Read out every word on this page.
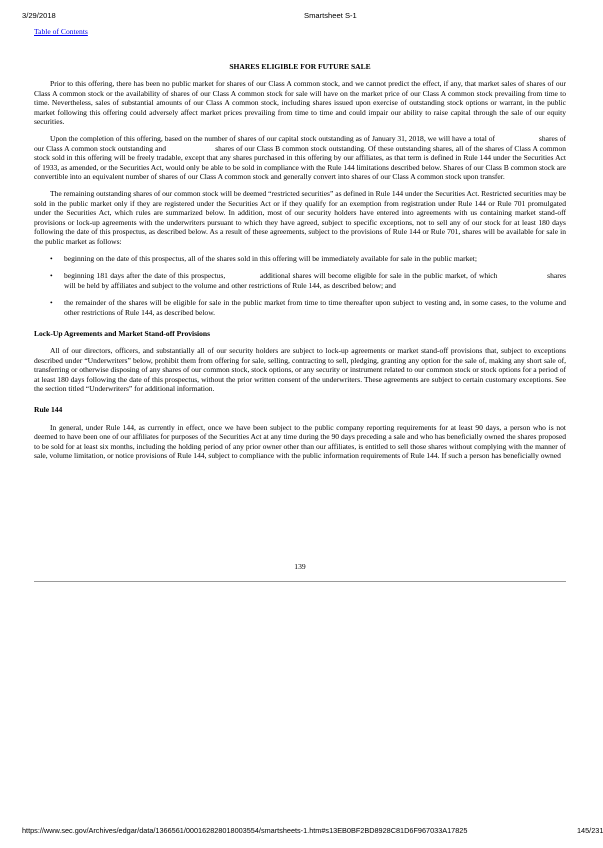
3/29/2018	Smartsheet S-1
Table of Contents

SHARES ELIGIBLE FOR FUTURE SALE

Prior to this offering, there has been no public market for shares of our Class A common stock, and we cannot predict the effect, if any, that market sales of shares of our Class A common stock or the availability of shares of our Class A common stock for sale will have on the market price of our Class A common stock prevailing from time to time. Nevertheless, sales of substantial amounts of our Class A common stock, including shares issued upon exercise of outstanding stock options or warrant, in the public market following this offering could adversely affect market prices prevailing from time to time and could impair our ability to raise capital through the sale of our equity securities.

Upon the completion of this offering, based on the number of shares of our capital stock outstanding as of January 31, 2018, we will have a total of	shares of our Class A common stock outstanding and	shares of our Class B common stock outstanding. Of these outstanding shares, all of the shares of Class A common stock sold in this offering will be freely tradable, except that any shares purchased in this offering by our affiliates, as that term is defined in Rule 144 under the Securities Act of 1933, as amended, or the Securities Act, would only be able to be sold in compliance with the Rule 144 limitations described below. Shares of our Class B common stock are convertible into an equivalent number of shares of our Class A common stock and generally convert into shares of our Class A common stock upon transfer.

The remaining outstanding shares of our common stock will be deemed “restricted securities” as defined in Rule 144 under the Securities Act. Restricted securities may be sold in the public market only if they are registered under the Securities Act or if they qualify for an exemption from registration under Rule 144 or Rule 701 promulgated under the Securities Act, which rules are summarized below. In addition, most of our security holders have entered into agreements with us containing market stand-off provisions or lock-up agreements with the underwriters pursuant to which they have agreed, subject to specific exceptions, not to sell any of our stock for at least 180 days following the date of this prospectus, as described below. As a result of these agreements, subject to the provisions of Rule 144 or Rule 701, shares will be available for sale in the public market as follows:

• beginning on the date of this prospectus, all of the shares sold in this offering will be immediately available for sale in the public market;
• beginning 181 days after the date of this prospectus,	additional shares will become eligible for sale in the public market, of which	shares will be held by affiliates and subject to the volume and other restrictions of Rule 144, as described below; and
• the remainder of the shares will be eligible for sale in the public market from time to time thereafter upon subject to vesting and, in some cases, to the volume and other restrictions of Rule 144, as described below.

Lock-Up Agreements and Market Stand-off Provisions

All of our directors, officers, and substantially all of our security holders are subject to lock-up agreements or market stand-off provisions that, subject to exceptions described under “Underwriters” below, prohibit them from offering for sale, selling, contracting to sell, pledging, granting any option for the sale of, making any short sale of, transferring or otherwise disposing of any shares of our common stock, stock options, or any security or instrument related to our common stock or stock options for a period of at least 180 days following the date of this prospectus, without the prior written consent of the underwriters. These agreements are subject to certain customary exceptions. See the section titled “Underwriters” for additional information.

Rule 144

In general, under Rule 144, as currently in effect, once we have been subject to the public company reporting requirements for at least 90 days, a person who is not deemed to have been one of our affiliates for purposes of the Securities Act at any time during the 90 days preceding a sale and who has beneficially owned the shares proposed to be sold for at least six months, including the holding period of any prior owner other than our affiliates, is entitled to sell those shares without complying with the manner of sale, volume limitation, or notice provisions of Rule 144, subject to compliance with the public information requirements of Rule 144. If such a person has beneficially owned

139
https://www.sec.gov/Archives/edgar/data/1366561/000162828018003554/smartsheets-1.htm#s13EB0BF2BD8928C81D6F967033A17825	145/231
